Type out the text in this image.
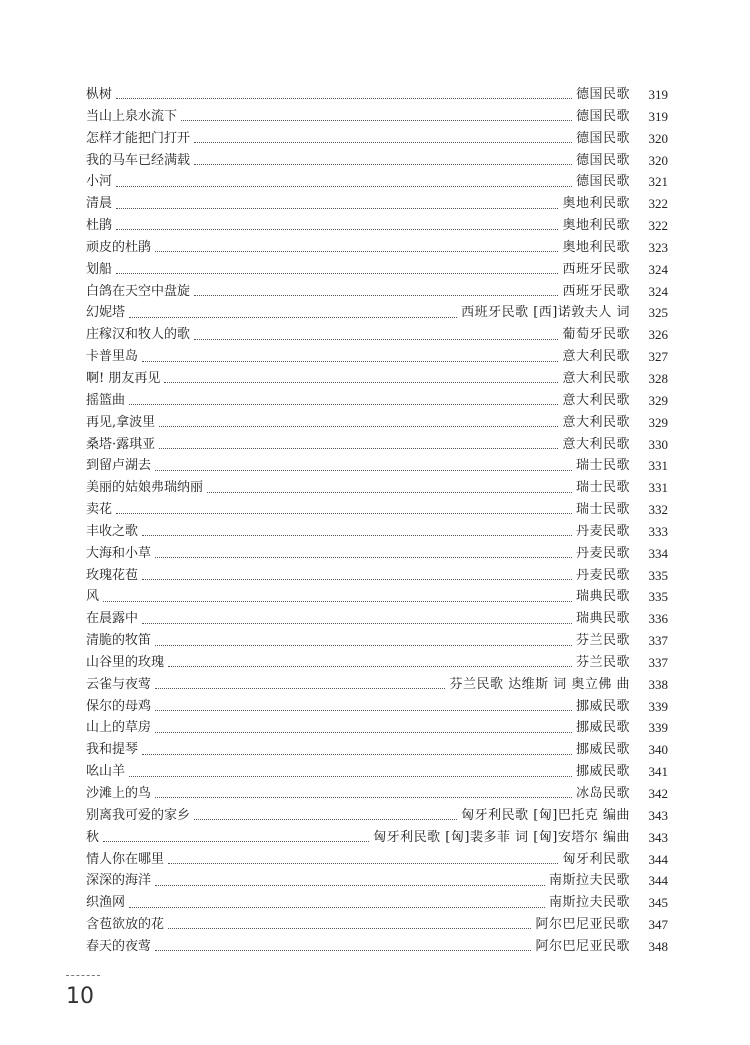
枞树	德国民歌	319
当山上泉水流下	德国民歌	319
怎样才能把门打开	德国民歌	320
我的马车已经满载	德国民歌	320
小河	德国民歌	321
清晨	奥地利民歌	322
杜鹃	奥地利民歌	322
顽皮的杜鹃	奥地利民歌	323
划船	西班牙民歌	324
白鸽在天空中盘旋	西班牙民歌	324
幻妮塔	西班牙民歌 [西]诺敦夫人 词	325
庄稼汉和牧人的歌	葡萄牙民歌	326
卡普里岛	意大利民歌	327
啊! 朋友再见	意大利民歌	328
摇篮曲	意大利民歌	329
再见,拿波里	意大利民歌	329
桑塔·露琪亚	意大利民歌	330
到留卢湖去	瑞士民歌	331
美丽的姑娘弗瑞纳丽	瑞士民歌	331
卖花	瑞士民歌	332
丰收之歌	丹麦民歌	333
大海和小草	丹麦民歌	334
玫瑰花苞	丹麦民歌	335
风	瑞典民歌	335
在晨露中	瑞典民歌	336
清脆的牧笛	芬兰民歌	337
山谷里的玫瑰	芬兰民歌	337
云雀与夜莺	芬兰民歌 达维斯 词 奥立佛 曲	338
保尔的母鸡	挪威民歌	339
山上的草房	挪威民歌	339
我和提琴	挪威民歌	340
吆山羊	挪威民歌	341
沙滩上的鸟	冰岛民歌	342
别离我可爱的家乡	匈牙利民歌 [匈]巴托克 编曲	343
秋	匈牙利民歌 [匈]裴多菲 词 [匈]安塔尔 编曲	343
情人你在哪里	匈牙利民歌	344
深深的海洋	南斯拉夫民歌	344
织渔网	南斯拉夫民歌	345
含苞欲放的花	阿尔巴尼亚民歌	347
春天的夜莺	阿尔巴尼亚民歌	348
10
